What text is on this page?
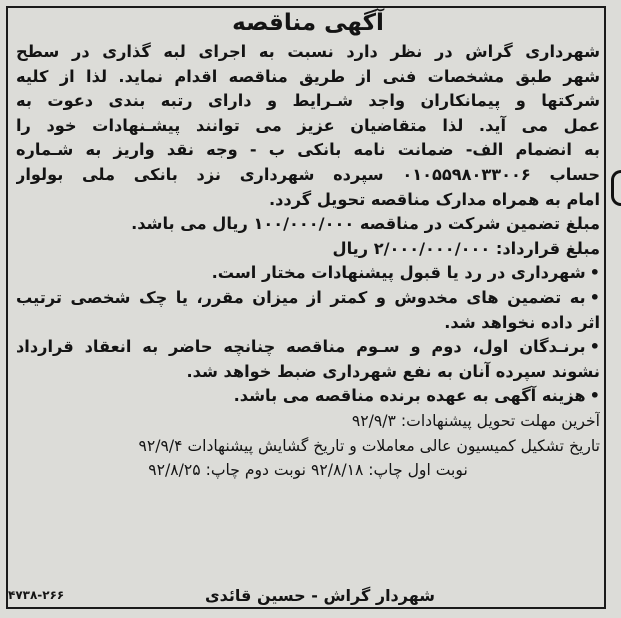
آگهی مناقصه
شهرداری گراش در نظر دارد نسبت به اجرای لبه گذاری در سطح
شهر طبق مشخصات فنی از طریق مناقصه اقدام نماید. لذا از کلیه
شرکتها و پیمانکاران واجد شـرایط و دارای رتبه بندی دعوت به
عمل می آید. لذا متقاضیان عزیز می توانند پیشـنهادات خود را
به انضمام الف- ضمانت نامه بانکی ب - وجه نقد واریز به شـماره
حساب ۰۱۰۵۵۹۸۰۳۳۰۰۶ سپرده شهرداری نزد بانکی ملی بولوار
امام به همراه مدارک مناقصه تحویل گردد.
مبلغ تضمین شرکت در مناقصه ۱۰۰/۰۰۰/۰۰۰ ریال می باشد.
مبلغ قرارداد: ۲/۰۰۰/۰۰۰/۰۰۰ ریال
• شهرداری در رد یا قبول پیشنهادات مختار است.
• به تضمین های مخدوش و کمتر از میزان مقرر، یا چک شخصی ترتیب
اثر داده نخواهد شد.
• برنـدگان اول، دوم و سـوم مناقصه چنانچه حاضر به انعقاد قرارداد
نشوند سپرده آنان به نفع شهرداری ضبط خواهد شد.
• هزینه آگهی به عهده برنده مناقصه می باشد.
آخرین مهلت تحویل پیشنهادات: ۹۲/۹/۳
تاریخ تشکیل کمیسیون عالی معاملات و تاریخ گشایش پیشنهادات ۹۲/۹/۴
نوبت اول چاپ: ۹۲/۸/۱۸ نوبت دوم چاپ: ۹۲/۸/۲۵
شهردار گراش - حسین قائدی
۴۷۳۸-۲۶۶
